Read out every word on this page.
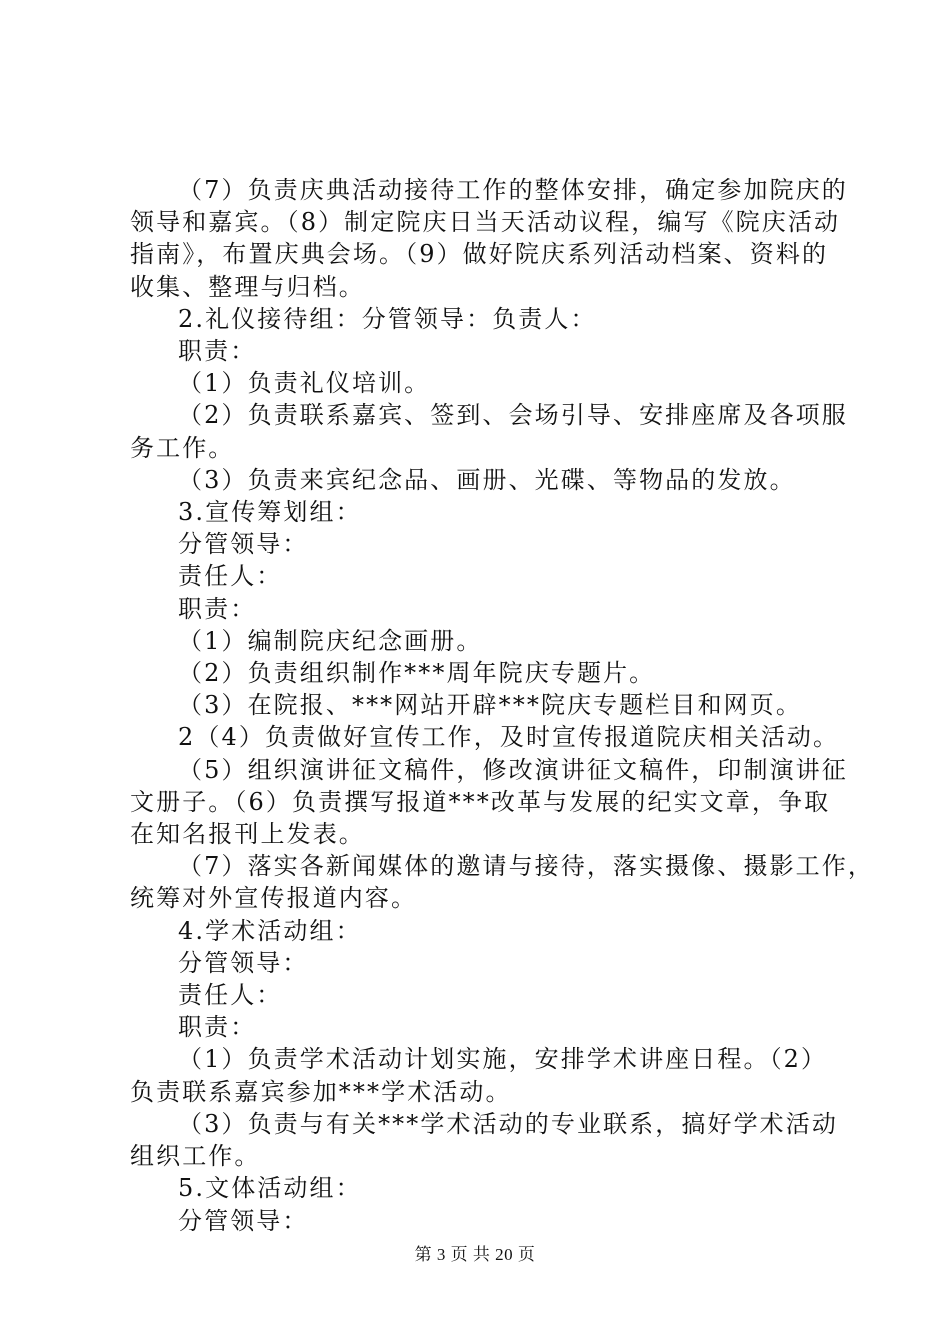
（7）负责庆典活动接待工作的整体安排，确定参加院庆的

领导和嘉宾。（8）制定院庆日当天活动议程，编写《院庆活动

指南》，布置庆典会场。（9）做好院庆系列活动档案、资料的

收集、整理与归档。

2.礼仪接待组：分管领导：负责人：

职责：

（1）负责礼仪培训。

（2）负责联系嘉宾、签到、会场引导、安排座席及各项服

务工作。

（3）负责来宾纪念品、画册、光碟、等物品的发放。

3.宣传筹划组：

分管领导：

责任人：

职责：

（1）编制院庆纪念画册。

（2）负责组织制作***周年院庆专题片。

（3）在院报、***网站开辟***院庆专题栏目和网页。

2（4）负责做好宣传工作，及时宣传报道院庆相关活动。

（5）组织演讲征文稿件，修改演讲征文稿件，印制演讲征

文册子。（6）负责撰写报道***改革与发展的纪实文章，争取

在知名报刊上发表。

（7）落实各新闻媒体的邀请与接待，落实摄像、摄影工作，

统筹对外宣传报道内容。

4.学术活动组：

分管领导：

责任人：

职责：

（1）负责学术活动计划实施，安排学术讲座日程。（2）

负责联系嘉宾参加***学术活动。

（3）负责与有关***学术活动的专业联系，搞好学术活动

组织工作。

5.文体活动组：

分管领导：

第 3 页 共 20 页
